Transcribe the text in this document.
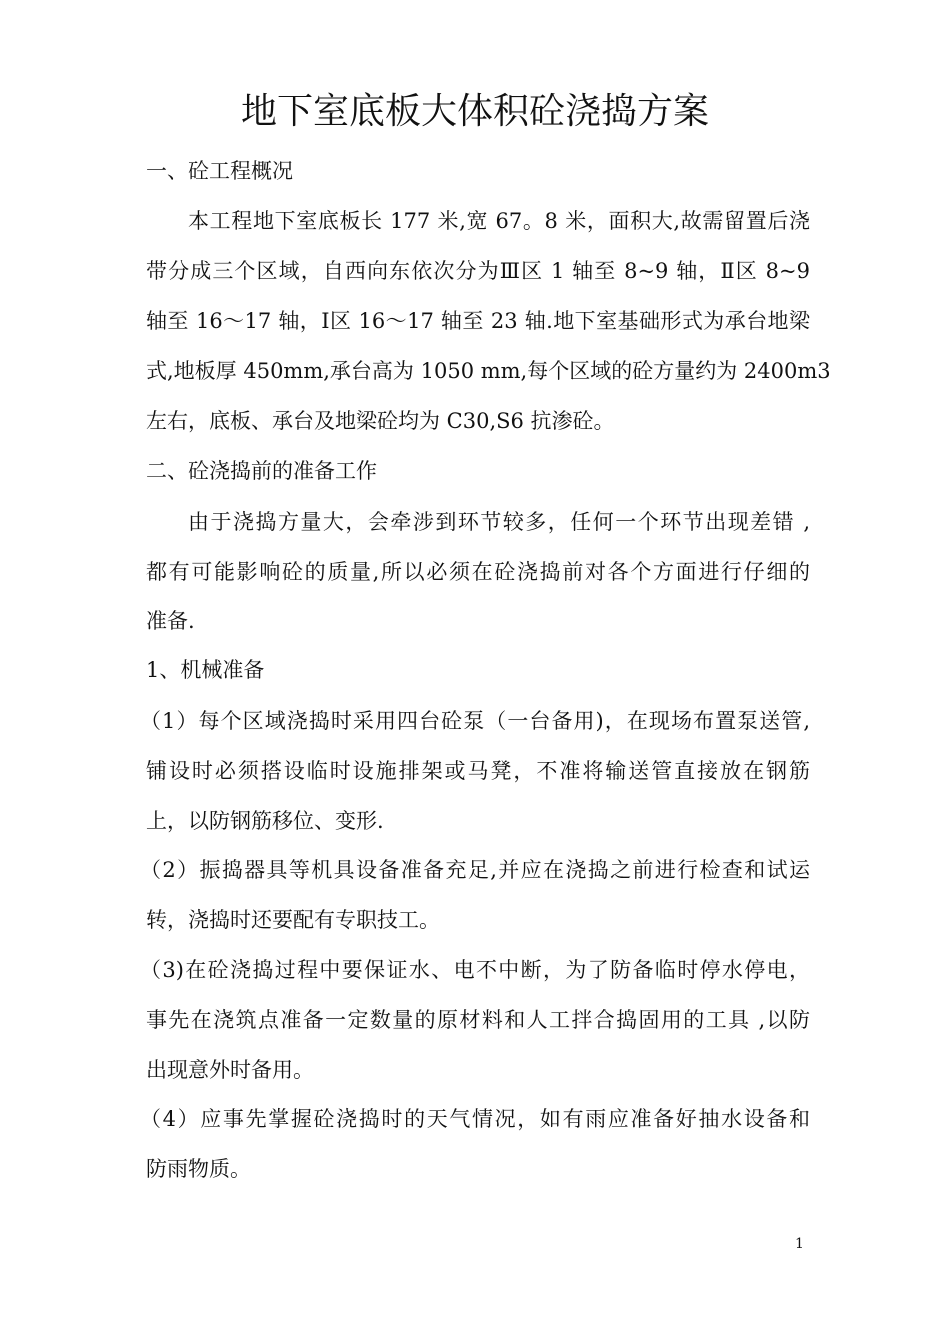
地下室底板大体积砼浇捣方案
一、砼工程概况
本工程地下室底板长 177 米,宽 67。8 米，面积大,故需留置后浇
带分成三个区域，自西向东依次分为Ⅲ区 1 轴至 8~9 轴，Ⅱ区 8~9
轴至 16～17 轴，Ⅰ区 16～17 轴至 23 轴.地下室基础形式为承台地梁
式,地板厚 450mm,承台高为 1050 mm,每个区域的砼方量约为 2400m3
左右，底板、承台及地梁砼均为 C30,S6 抗渗砼。
二、砼浇捣前的准备工作
由于浇捣方量大，会牵涉到环节较多，任何一个环节出现差错 ,
都有可能影响砼的质量,所以必须在砼浇捣前对各个方面进行仔细的
准备.
1、机械准备
（1）每个区域浇捣时采用四台砼泵（一台备用)，在现场布置泵送管,
铺设时必须搭设临时设施排架或马凳，不准将输送管直接放在钢筋
上，以防钢筋移位、变形.
（2）振捣器具等机具设备准备充足,并应在浇捣之前进行检查和试运
转，浇捣时还要配有专职技工。
（3)在砼浇捣过程中要保证水、电不中断，为了防备临时停水停电，
事先在浇筑点准备一定数量的原材料和人工拌合捣固用的工具 ,以防
出现意外时备用。
（4）应事先掌握砼浇捣时的天气情况，如有雨应准备好抽水设备和
防雨物质。
1
